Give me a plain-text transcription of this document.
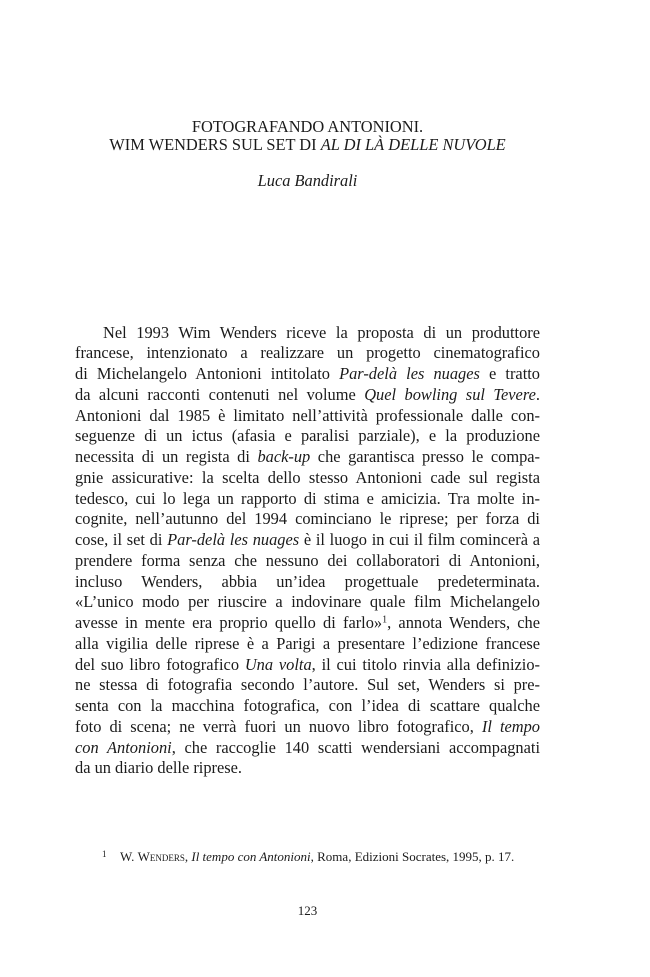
FOTOGRAFANDO ANTONIONI.
WIM WENDERS SUL SET DI AL DI LÀ DELLE NUVOLE
Luca Bandirali
Nel 1993 Wim Wenders riceve la proposta di un produttore
francese, intenzionato a realizzare un progetto cinematografico
di Michelangelo Antonioni intitolato Par-delà les nuages e tratto
da alcuni racconti contenuti nel volume Quel bowling sul Tevere.
Antonioni dal 1985 è limitato nell’attività professionale dalle con-
seguenze di un ictus (afasia e paralisi parziale), e la produzione
necessita di un regista di back-up che garantisca presso le compa-
gnie assicurative: la scelta dello stesso Antonioni cade sul regista
tedesco, cui lo lega un rapporto di stima e amicizia. Tra molte in-
cognite, nell’autunno del 1994 cominciano le riprese; per forza di
cose, il set di Par-delà les nuages è il luogo in cui il film comincerà a
prendere forma senza che nessuno dei collaboratori di Antonioni,
incluso Wenders, abbia un’idea progettuale predeterminata.
«L’unico modo per riuscire a indovinare quale film Michelangelo
avesse in mente era proprio quello di farlo»$^1$, annota Wenders, che
alla vigilia delle riprese è a Parigi a presentare l’edizione francese
del suo libro fotografico Una volta, il cui titolo rinvia alla definizio-
ne stessa di fotografia secondo l’autore. Sul set, Wenders si pre-
senta con la macchina fotografica, con l’idea di scattare qualche
foto di scena; ne verrà fuori un nuovo libro fotografico, Il tempo
con Antonioni, che raccoglie 140 scatti wendersiani accompagnati
da un diario delle riprese.
1 W. Wenders, Il tempo con Antonioni, Roma, Edizioni Socrates, 1995, p. 17.
123
